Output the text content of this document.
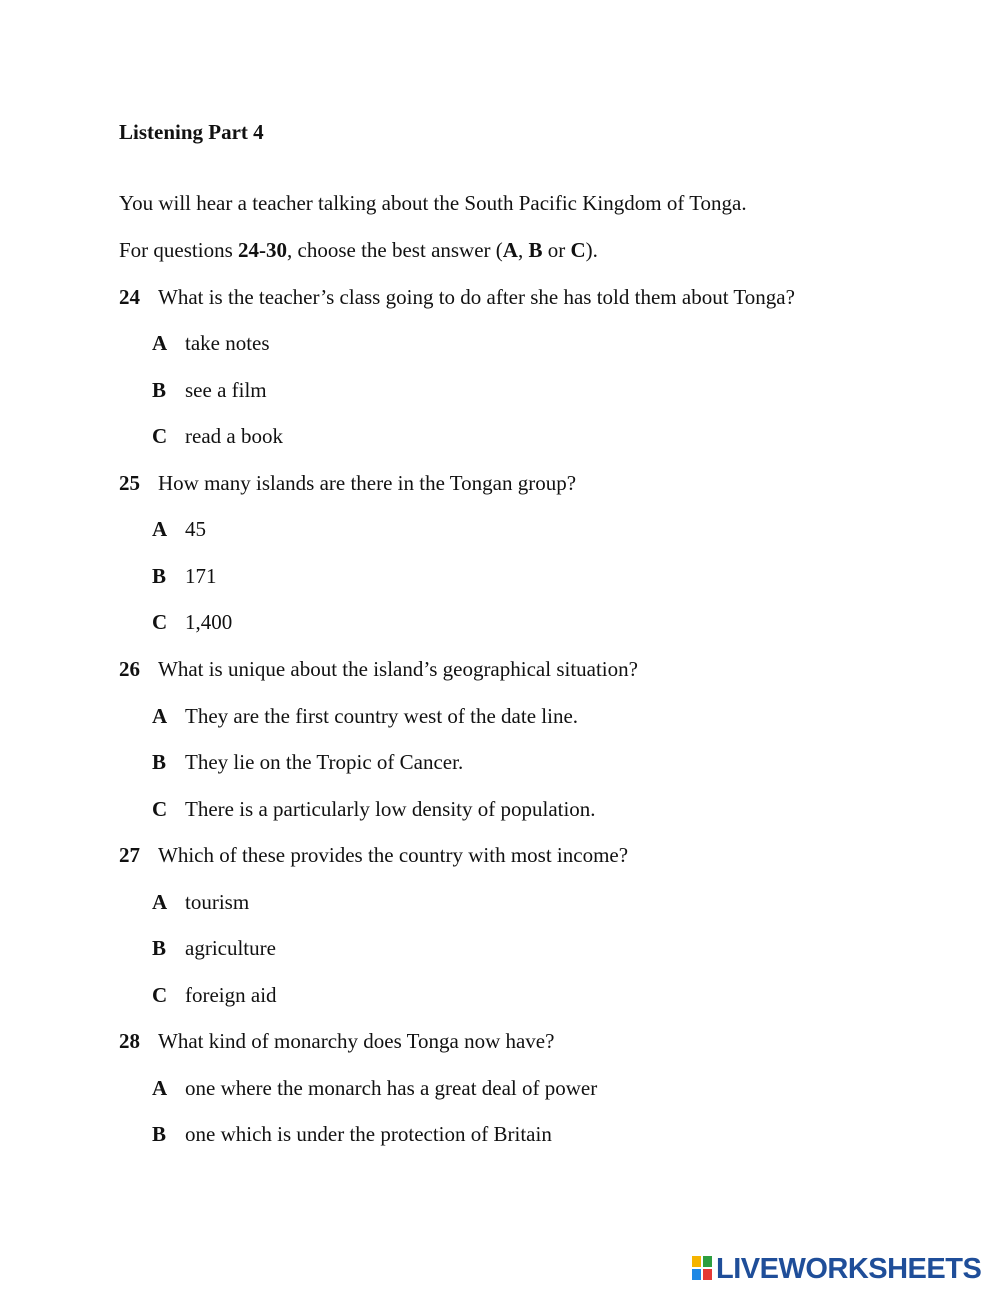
Listening Part 4

You will hear a teacher talking about the South Pacific Kingdom of Tonga.

For questions 24-30, choose the best answer (A, B or C).

24 What is the teacher’s class going to do after she has told them about Tonga?

A take notes
B see a film
C read a book

25 How many islands are there in the Tongan group?

A 45
B 171
C 1,400

26 What is unique about the island’s geographical situation?

A They are the first country west of the date line.
B They lie on the Tropic of Cancer.
C There is a particularly low density of population.

27 Which of these provides the country with most income?

A tourism
B agriculture
C foreign aid

28 What kind of monarchy does Tonga now have?

A one where the monarch has a great deal of power
B one which is under the protection of Britain
LIVEWORKSHEETS
